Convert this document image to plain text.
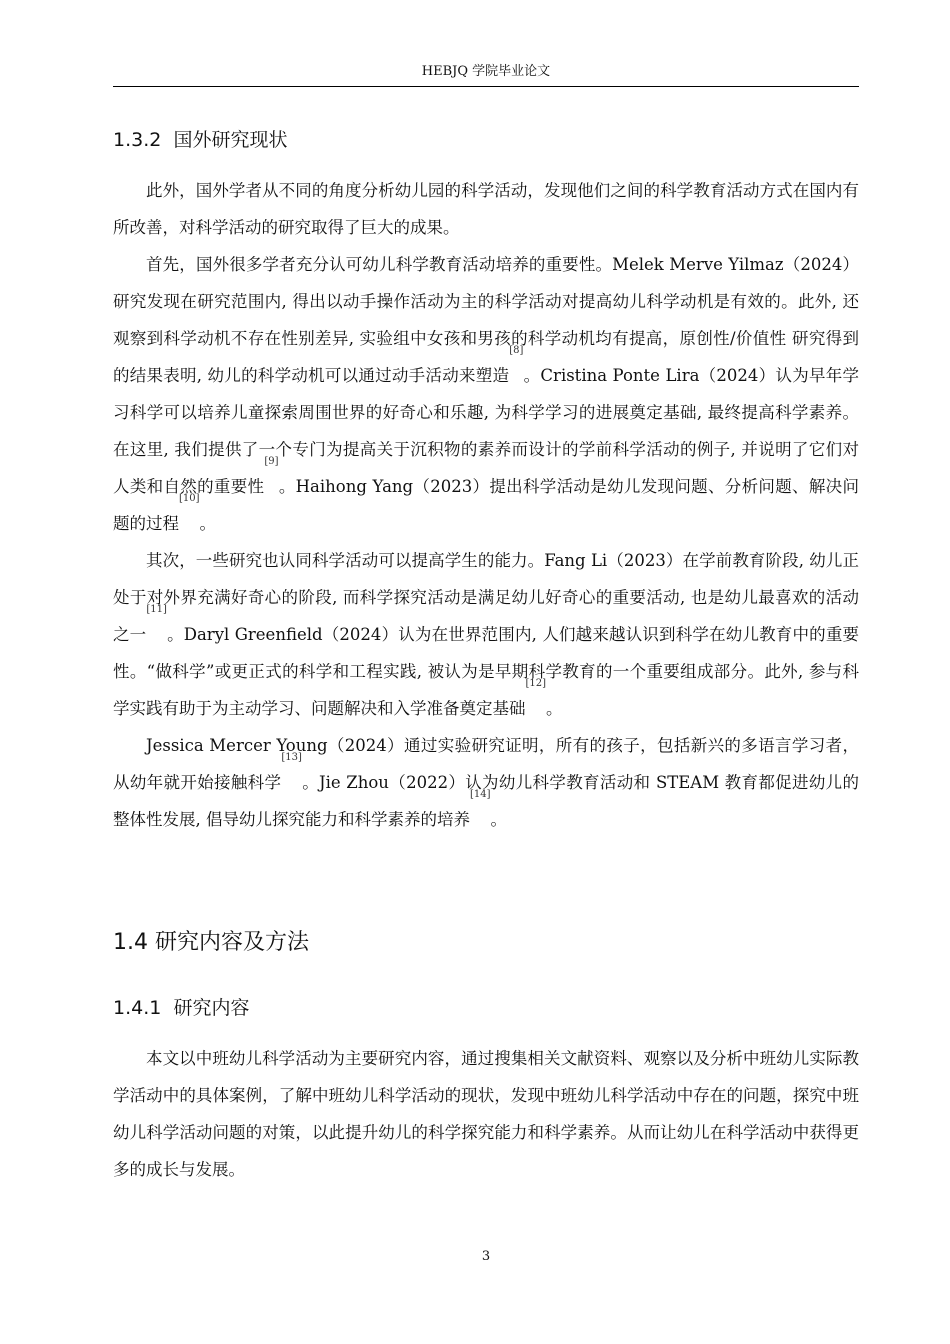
HEBJQ 学院毕业论文
1.3.2 国外研究现状

此外，国外学者从不同的角度分析幼儿园的科学活动，发现他们之间的科学教育活动方式在国内有所改善，对科学活动的研究取得了巨大的成果。

首先，国外很多学者充分认可幼儿科学教育活动培养的重要性。Melek Merve Yilmaz（2024）研究发现在研究范围内, 得出以动手操作活动为主的科学活动对提高幼儿科学动机是有效的。此外, 还观察到科学动机不存在性别差异, 实验组中女孩和男孩的科学动机均有提高，原创性/价值性 研究得到的结果表明, 幼儿的科学动机可以通过动手活动来塑造[8]。Cristina Ponte Lira（2024）认为早年学习科学可以培养儿童探索周围世界的好奇心和乐趣, 为科学学习的进展奠定基础, 最终提高科学素养。在这里, 我们提供了一个专门为提高关于沉积物的素养而设计的学前科学活动的例子, 并说明了它们对人类和自然的重要性[9]。Haihong Yang（2023）提出科学活动是幼儿发现问题、分析问题、解决问题的过程[10]。

其次，一些研究也认同科学活动可以提高学生的能力。Fang Li（2023）在学前教育阶段, 幼儿正处于对外界充满好奇心的阶段, 而科学探究活动是满足幼儿好奇心的重要活动, 也是幼儿最喜欢的活动之一[11]。Daryl Greenfield（2024）认为在世界范围内, 人们越来越认识到科学在幼儿教育中的重要性。“做科学”或更正式的科学和工程实践, 被认为是早期科学教育的一个重要组成部分。此外, 参与科学实践有助于为主动学习、问题解决和入学准备奠定基础[12]。

Jessica Mercer Young（2024）通过实验研究证明，所有的孩子，包括新兴的多语言学习者，从幼年就开始接触科学[13]。Jie Zhou（2022）认为幼儿科学教育活动和 STEAM 教育都促进幼儿的整体性发展, 倡导幼儿探究能力和科学素养的培养[14]。

1.4 研究内容及方法
1.4.1 研究内容

本文以中班幼儿科学活动为主要研究内容，通过搜集相关文献资料、观察以及分析中班幼儿实际教学活动中的具体案例，了解中班幼儿科学活动的现状，发现中班幼儿科学活动中存在的问题，探究中班幼儿科学活动问题的对策，以此提升幼儿的科学探究能力和科学素养。从而让幼儿在科学活动中获得更多的成长与发展。

3
